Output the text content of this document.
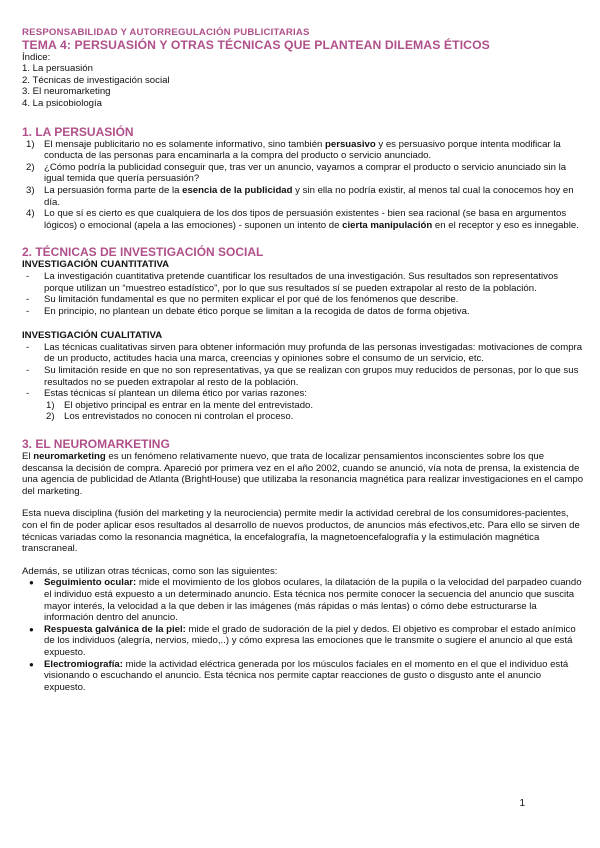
RESPONSABILIDAD Y AUTORREGULACIÓN PUBLICITARIAS
TEMA 4: PERSUASIÓN Y OTRAS TÉCNICAS QUE PLANTEAN DILEMAS ÉTICOS

Índice:

1. La persuasión

2. Técnicas de investigación social

3. El neuromarketing

4. La psicobiología

1. LA PERSUASIÓN
1) El mensaje publicitario no es solamente informativo, sino también persuasivo y es persuasivo porque intenta modificar la conducta de las personas para encaminarla a la compra del producto o servicio anunciado.
2) ¿Cómo podría la publicidad conseguir que, tras ver un anuncio, vayamos a comprar el producto o servicio anunciado sin la igual temida que quería persuasión?
3) La persuasión forma parte de la esencia de la publicidad y sin ella no podría existir, al menos tal cual la conocemos hoy en día.
4) Lo que sí es cierto es que cualquiera de los dos tipos de persuasión existentes - bien sea racional (se basa en argumentos lógicos) o emocional (apela a las emociones) - suponen un intento de cierta manipulación en el receptor y eso es innegable.
2. TÉCNICAS DE INVESTIGACIÓN SOCIAL
INVESTIGACIÓN CUANTITATIVA
- La investigación cuantitativa pretende cuantificar los resultados de una investigación. Sus resultados son representativos porque utilizan un “muestreo estadístico”, por lo que sus resultados sí se pueden extrapolar al resto de la población.
- Su limitación fundamental es que no permiten explicar el por qué de los fenómenos que describe.
- En principio, no plantean un debate ético porque se limitan a la recogida de datos de forma objetiva.
INVESTIGACIÓN CUALITATIVA
- Las técnicas cualitativas sirven para obtener información muy profunda de las personas investigadas: motivaciones de compra de un producto, actitudes hacia una marca, creencias y opiniones sobre el consumo de un servicio, etc.
- Su limitación reside en que no son representativas, ya que se realizan con grupos muy reducidos de personas, por lo que sus resultados no se pueden extrapolar al resto de la población.
- Estas técnicas sí plantean un dilema ético por varias razones:
1) El objetivo principal es entrar en la mente del entrevistado.
2) Los entrevistados no conocen ni controlan el proceso.
3. EL NEUROMARKETING

El neuromarketing es un fenómeno relativamente nuevo, que trata de localizar pensamientos inconscientes sobre los que descansa la decisión de compra. Apareció por primera vez en el año 2002, cuando se anunció, vía nota de prensa, la existencia de una agencia de publicidad de Atlanta (BrightHouse) que utilizaba la resonancia magnética para realizar investigaciones en el campo del marketing.

Esta nueva disciplina (fusión del marketing y la neurociencia) permite medir la actividad cerebral de los consumidores-pacientes, con el fin de poder aplicar esos resultados al desarrollo de nuevos productos, de anuncios más efectivos,etc. Para ello se sirven de técnicas variadas como la resonancia magnética, la encefalografía, la magnetoencefalografía y la estimulación magnética transcraneal.

Además, se utilizan otras técnicas, como son las siguientes:

● Seguimiento ocular: mide el movimiento de los globos oculares, la dilatación de la pupila o la velocidad del parpadeo cuando el individuo está expuesto a un determinado anuncio. Esta técnica nos permite conocer la secuencia del anuncio que suscita mayor interés, la velocidad a la que deben ir las imágenes (más rápidas o más lentas) o cómo debe estructurarse la información dentro del anuncio.
● Respuesta galvánica de la piel: mide el grado de sudoración de la piel y dedos. El objetivo es comprobar el estado anímico de los individuos (alegría, nervios, miedo,..) y cómo expresa las emociones que le transmite o sugiere el anuncio al que está expuesto.
● Electromiografía: mide la actividad eléctrica generada por los músculos faciales en el momento en el que el individuo está visionando o escuchando el anuncio. Esta técnica nos permite captar reacciones de gusto o disgusto ante el anuncio expuesto.
1
